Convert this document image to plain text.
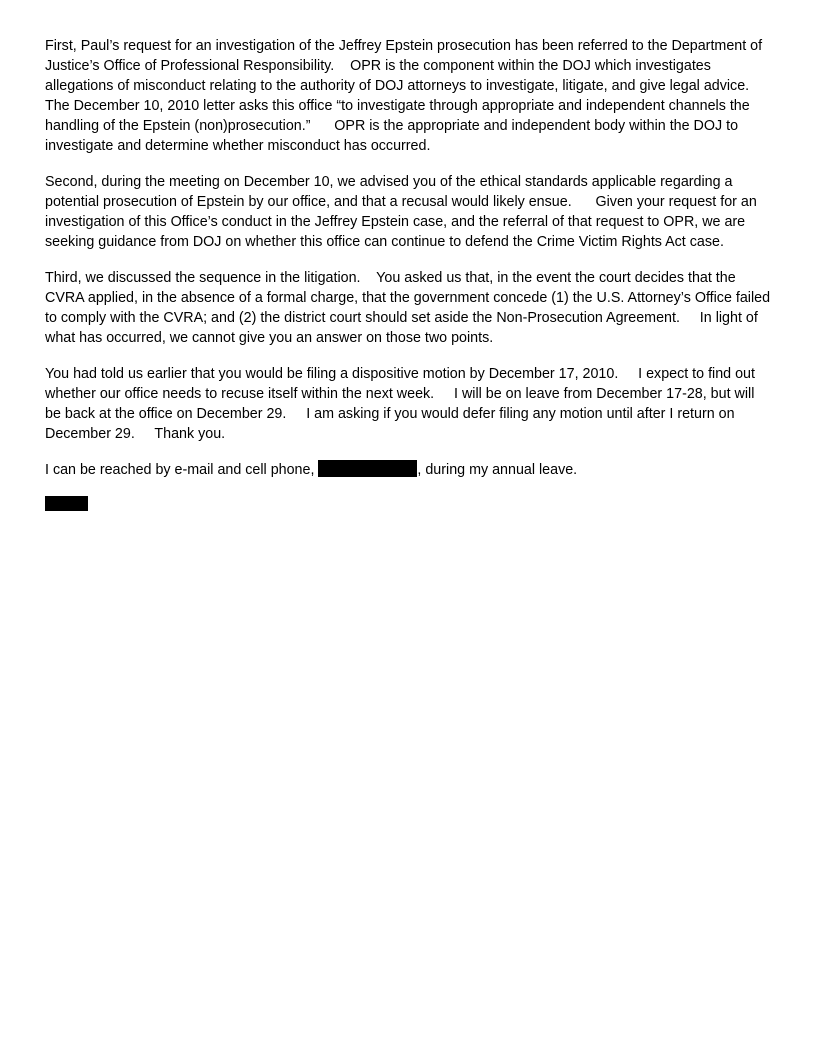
First, Paul’s request for an investigation of the Jeffrey Epstein prosecution has been referred to the Department of Justice’s Office of Professional Responsibility.    OPR is the component within the DOJ which investigates allegations of misconduct relating to the authority of DOJ attorneys to investigate, litigate, and give legal advice.    The December 10, 2010 letter asks this office “to investigate through appropriate and independent channels the handling of the Epstein (non)prosecution.”      OPR is the appropriate and independent body within the DOJ to investigate and determine whether misconduct has occurred.

Second, during the meeting on December 10, we advised you of the ethical standards applicable regarding a potential prosecution of Epstein by our office, and that a recusal would likely ensue.      Given your request for an investigation of this Office’s conduct in the Jeffrey Epstein case, and the referral of that request to OPR, we are seeking guidance from DOJ on whether this office can continue to defend the Crime Victim Rights Act case.

Third, we discussed the sequence in the litigation.    You asked us that, in the event the court decides that the CVRA applied, in the absence of a formal charge, that the government concede (1) the U.S. Attorney’s Office failed to comply with the CVRA; and (2) the district court should set aside the Non-Prosecution Agreement.     In light of what has occurred, we cannot give you an answer on those two points.

You had told us earlier that you would be filing a dispositive motion by December 17, 2010.     I expect to find out whether our office needs to recuse itself within the next week.     I will be on leave from December 17-28, but will be back at the office on December 29.     I am asking if you would defer filing any motion until after I return on December 29.     Thank you.

I can be reached by e-mail and cell phone,	, during my annual leave.
